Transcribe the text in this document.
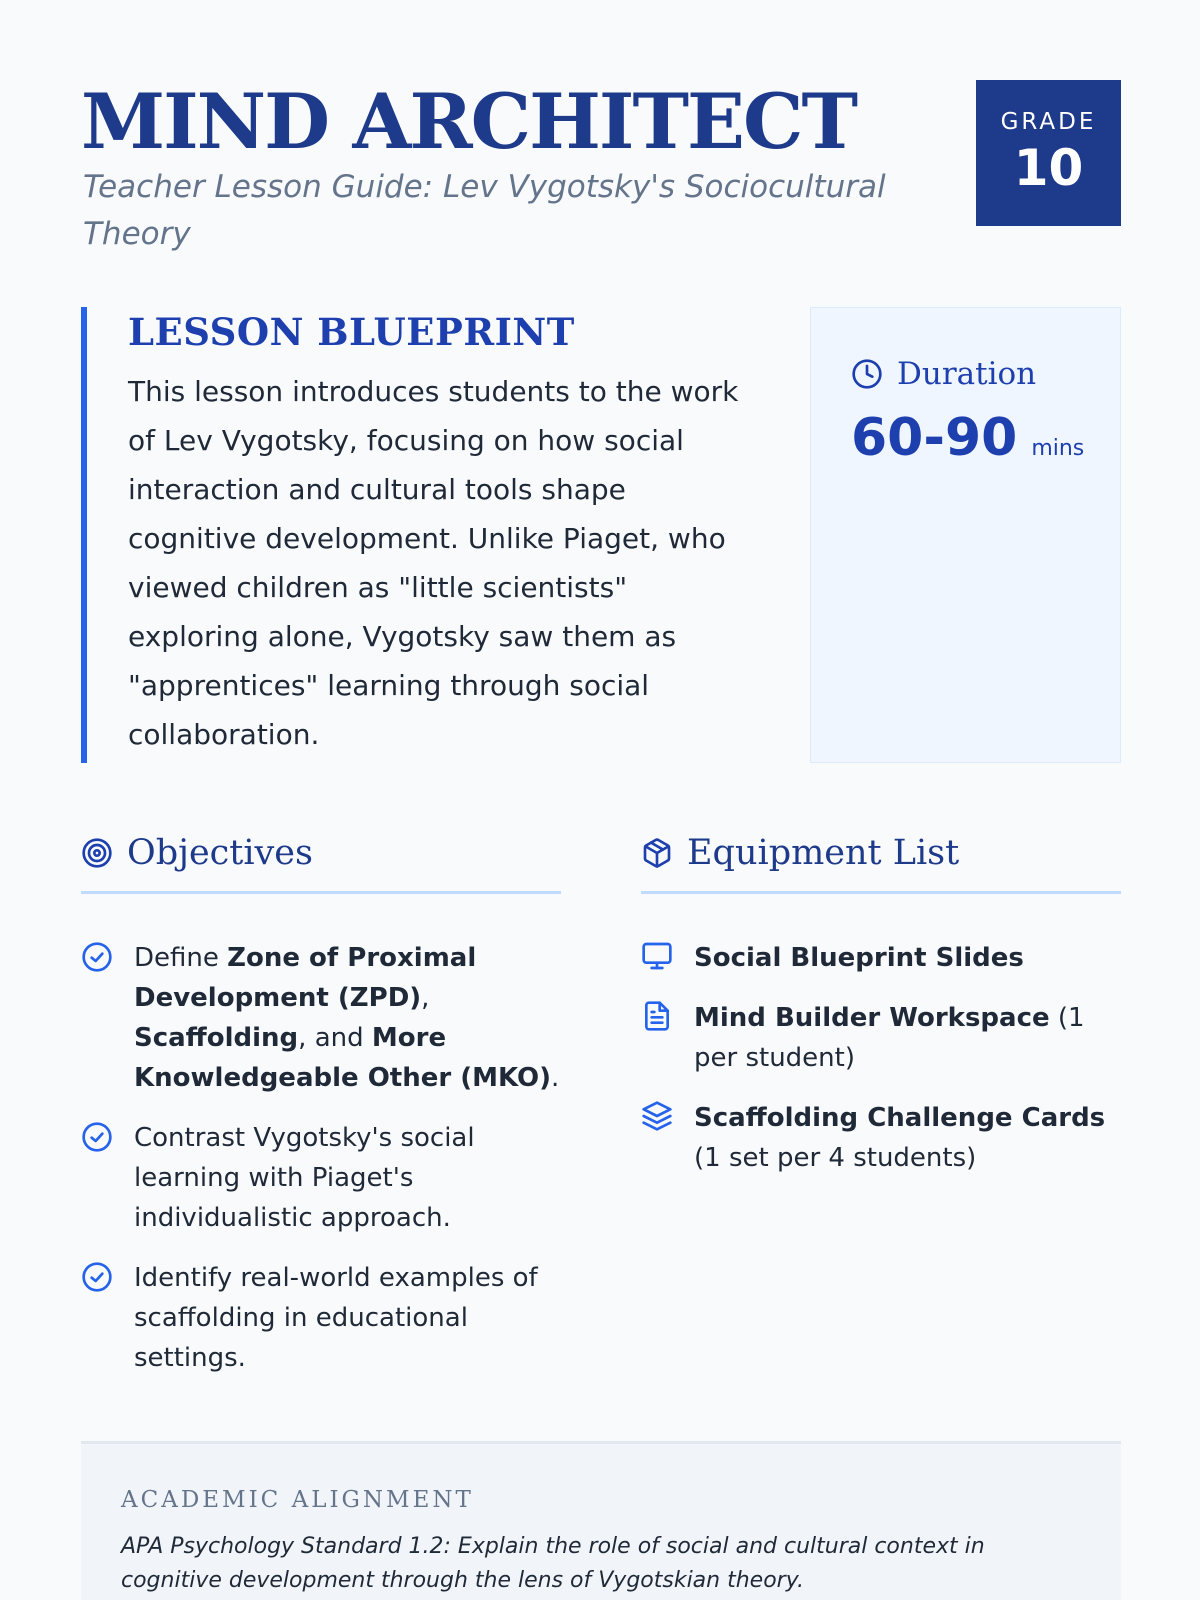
MIND ARCHITECT
Teacher Lesson Guide: Lev Vygotsky's Sociocultural Theory
GRADE
10
LESSON BLUEPRINT

This lesson introduces students to the work of Lev Vygotsky, focusing on how social interaction and cultural tools shape cognitive development. Unlike Piaget, who viewed children as "little scientists" exploring alone, Vygotsky saw them as "apprentices" learning through social collaboration.

Duration
60-90 mins
Objectives
Define Zone of Proximal Development (ZPD), Scaffolding, and More Knowledgeable Other (MKO).
Contrast Vygotsky's social learning with Piaget's individualistic approach.
Identify real-world examples of scaffolding in educational settings.
Equipment List
Social Blueprint Slides
Mind Builder Workspace (1 per student)
Scaffolding Challenge Cards (1 set per 4 students)
ACADEMIC ALIGNMENT

APA Psychology Standard 1.2: Explain the role of social and cultural context in cognitive development through the lens of Vygotskian theory.
